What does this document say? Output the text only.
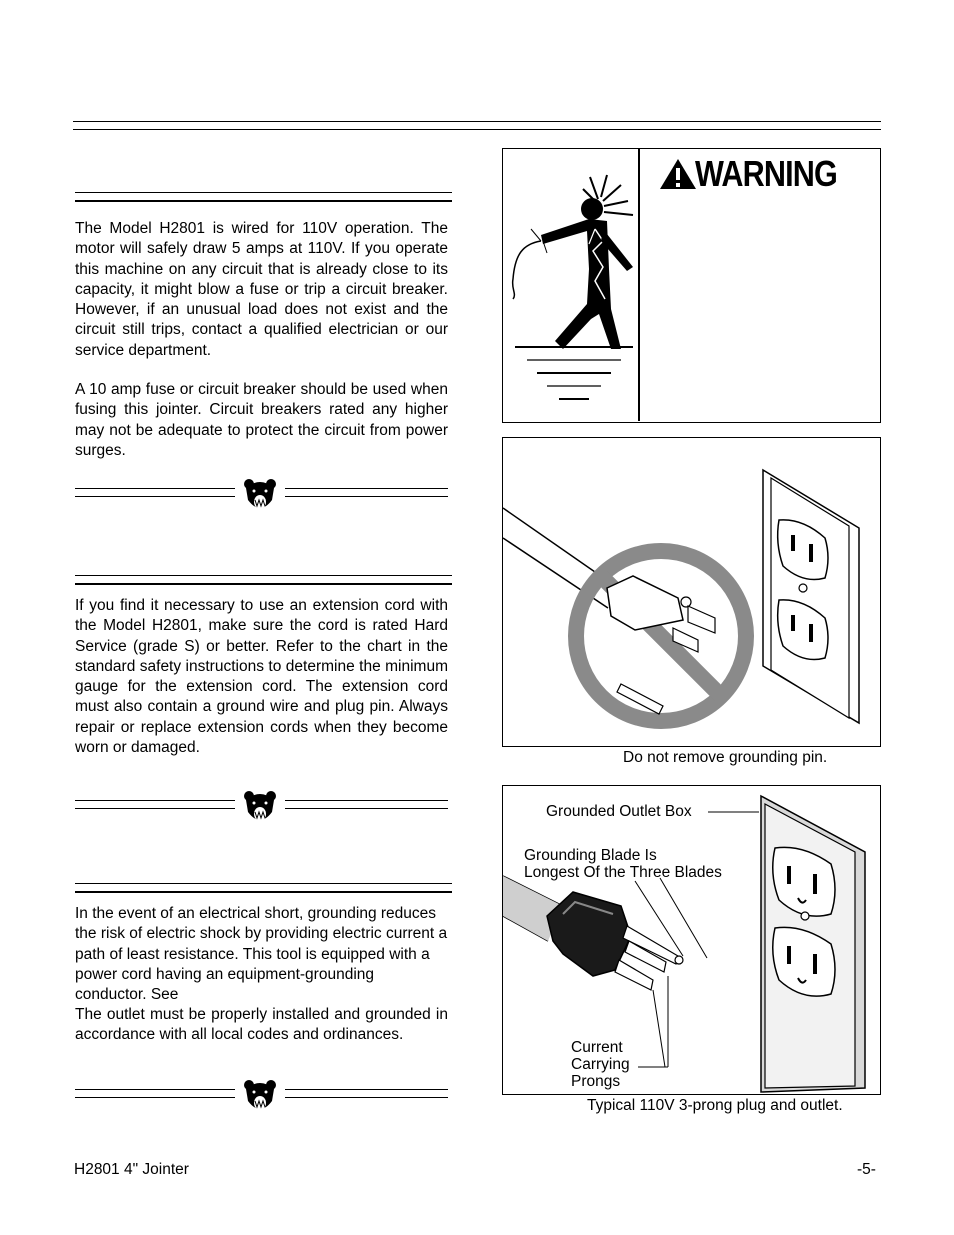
The Model H2801 is wired for 110V operation. The motor will safely draw 5 amps at 110V. If you operate this machine on any circuit that is already close to its capacity, it might blow a fuse or trip a circuit breaker. However, if an unusual load does not exist and the circuit still trips, contact a qualified electrician or our service department.

A 10 amp fuse or circuit breaker should be used when fusing this jointer. Circuit breakers rated any higher may not be adequate to protect the circuit from power surges.

If you find it necessary to use an extension cord with the Model H2801, make sure the cord is rated Hard Service (grade S) or better. Refer to the chart in the standard safety instructions to determine the minimum gauge for the extension cord. The extension cord must also contain a ground wire and plug pin. Always repair or replace extension cords when they become worn or damaged.

In the event of an electrical short, grounding reduces the risk of electric shock by providing electric current a path of least resistance. This tool is equipped with a power cord having an equipment-grounding conductor. See

The outlet must be properly installed and grounded in accordance with all local codes and ordinances.

WARNING
Do not remove grounding pin.
Grounded Outlet Box
Grounding Blade Is
Longest Of the Three Blades
Current
Carrying
Prongs
Typical 110V 3-prong plug and outlet.
H2801 4" Jointer	-5-
